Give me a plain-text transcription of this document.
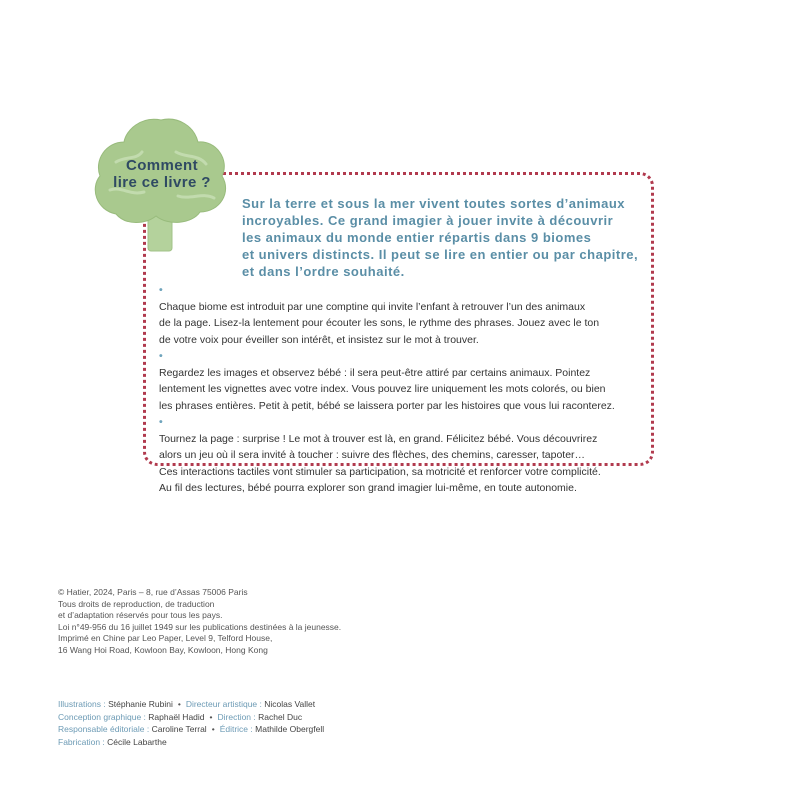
Comment
lire ce livre ?
Sur la terre et sous la mer vivent toutes sortes d’animaux
incroyables. Ce grand imagier à jouer invite à découvrir
les animaux du monde entier répartis dans 9 biomes
et univers distincts. Il peut se lire en entier ou par chapitre,
et dans l’ordre souhaité.
•
Chaque biome est introduit par une comptine qui invite l’enfant à retrouver l’un des animaux
de la page. Lisez-la lentement pour écouter les sons, le rythme des phrases. Jouez avec le ton
de votre voix pour éveiller son intérêt, et insistez sur le mot à trouver.
•
Regardez les images et observez bébé : il sera peut-être attiré par certains animaux. Pointez
lentement les vignettes avec votre index. Vous pouvez lire uniquement les mots colorés, ou bien
les phrases entières. Petit à petit, bébé se laissera porter par les histoires que vous lui raconterez.
•
Tournez la page : surprise ! Le mot à trouver est là, en grand. Félicitez bébé. Vous découvrirez
alors un jeu où il sera invité à toucher : suivre des flèches, des chemins, caresser, tapoter…
Ces interactions tactiles vont stimuler sa participation, sa motricité et renforcer votre complicité.
Au fil des lectures, bébé pourra explorer son grand imagier lui-même, en toute autonomie.
© Hatier, 2024, Paris – 8, rue d’Assas 75006 Paris
Tous droits de reproduction, de traduction
et d’adaptation réservés pour tous les pays.
Loi n°49-956 du 16 juillet 1949 sur les publications destinées à la jeunesse.
Imprimé en Chine par Leo Paper, Level 9, Telford House,
16 Wang Hoi Road, Kowloon Bay, Kowloon, Hong Kong
Illustrations : Stéphanie Rubini • Directeur artistique : Nicolas Vallet
Conception graphique : Raphaël Hadid • Direction : Rachel Duc
Responsable éditoriale : Caroline Terral • Éditrice : Mathilde Obergfell
Fabrication : Cécile Labarthe
